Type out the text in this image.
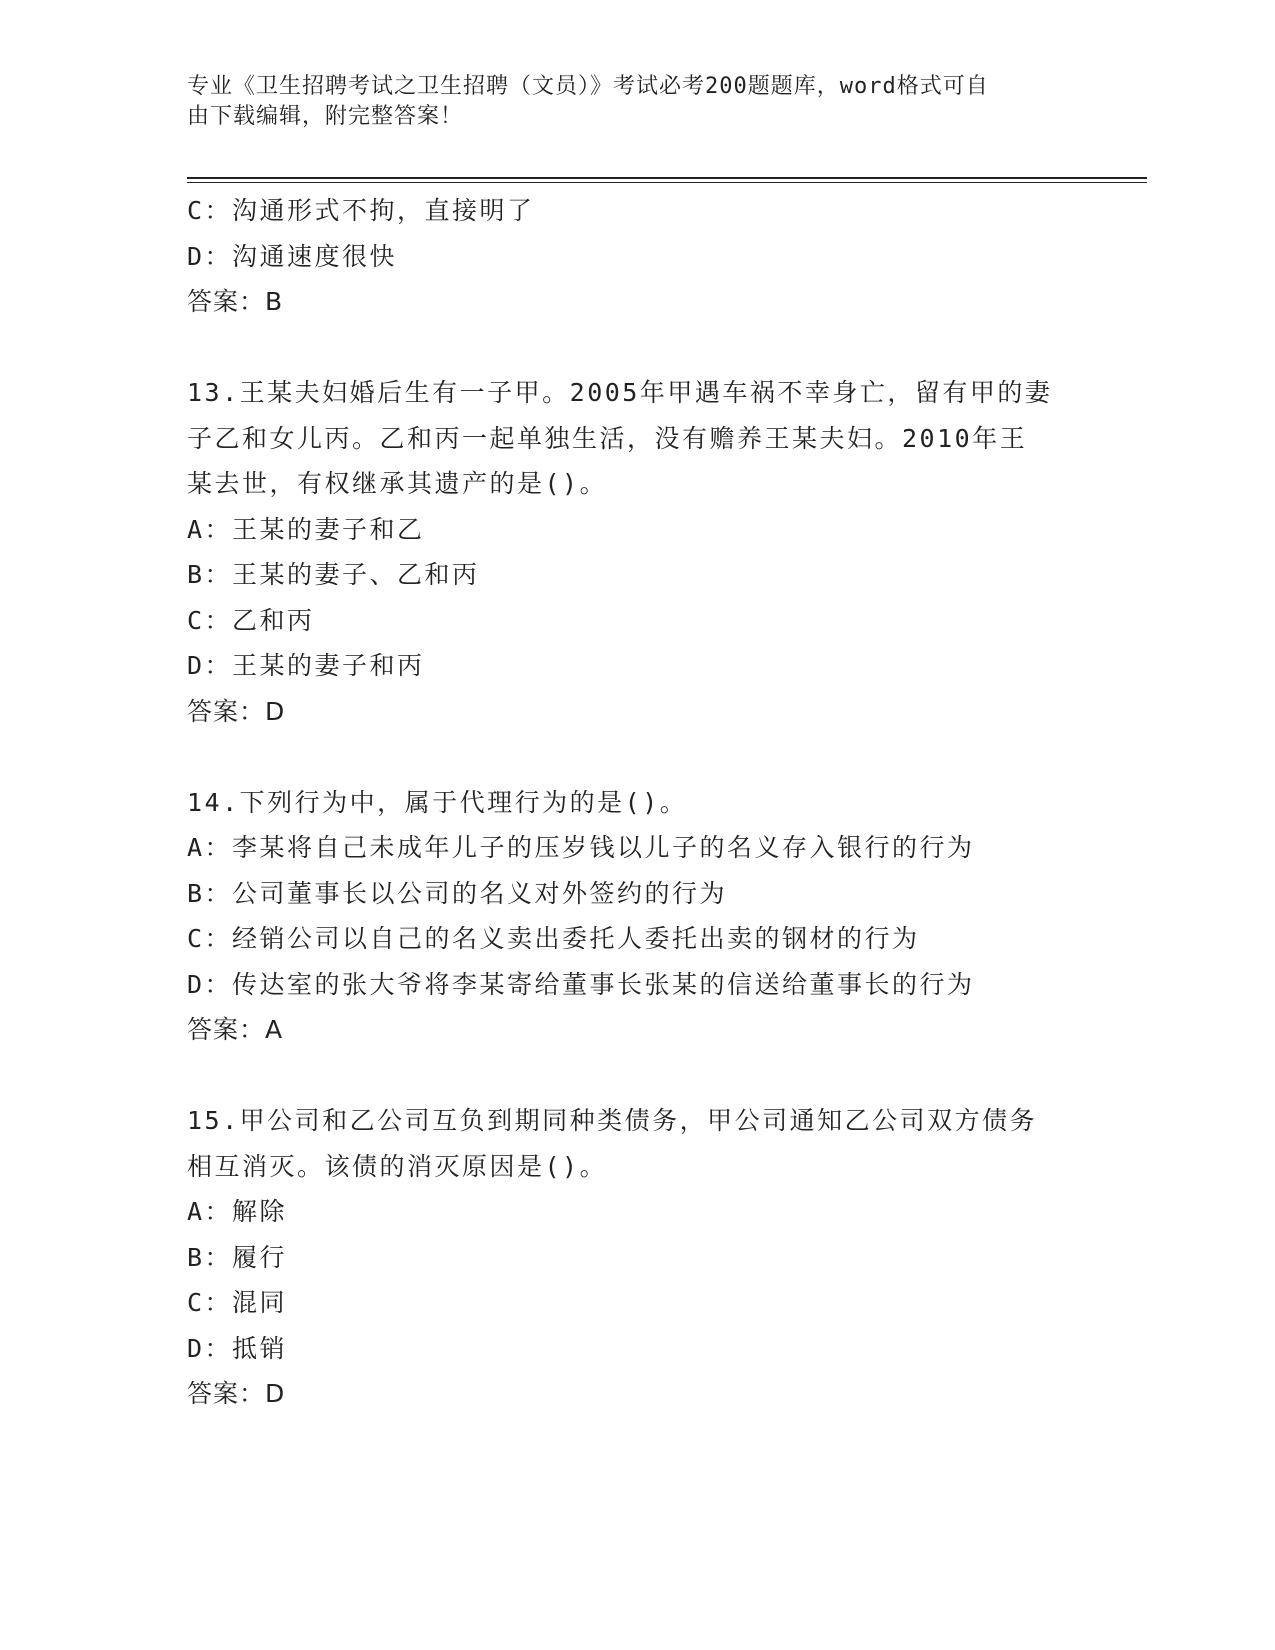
专业《卫生招聘考试之卫生招聘（文员）》考试必考200题题库，word格式可自
由下载编辑，附完整答案！
C：沟通形式不拘，直接明了
D：沟通速度很快
答案：B
13.王某夫妇婚后生有一子甲。2005年甲遇车祸不幸身亡，留有甲的妻
子乙和女儿丙。乙和丙一起单独生活，没有赡养王某夫妇。2010年王
某去世，有权继承其遗产的是()。
A：王某的妻子和乙
B：王某的妻子、乙和丙
C：乙和丙
D：王某的妻子和丙
答案：D
14.下列行为中，属于代理行为的是()。
A：李某将自己未成年儿子的压岁钱以儿子的名义存入银行的行为
B：公司董事长以公司的名义对外签约的行为
C：经销公司以自己的名义卖出委托人委托出卖的钢材的行为
D：传达室的张大爷将李某寄给董事长张某的信送给董事长的行为
答案：A
15.甲公司和乙公司互负到期同种类债务，甲公司通知乙公司双方债务
相互消灭。该债的消灭原因是()。
A：解除
B：履行
C：混同
D：抵销
答案：D
